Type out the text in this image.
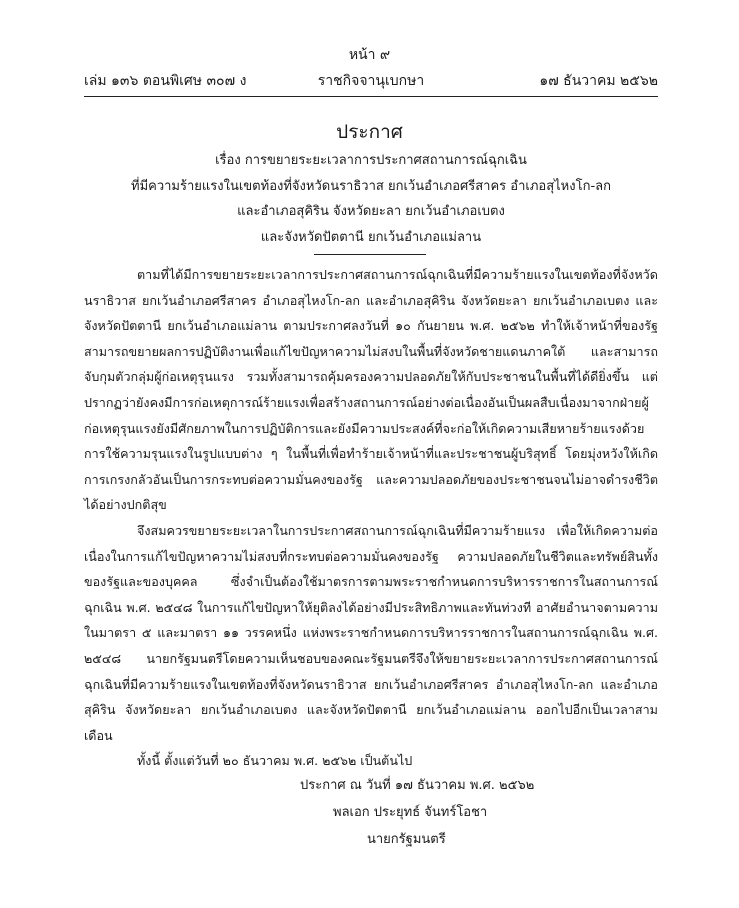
หน้า ๙
เล่ม ๑๓๖ ตอนพิเศษ ๓๐๗ ง	ราชกิจจานุเบกษา	๑๗ ธันวาคม ๒๕๖๒
ประกาศ
เรื่อง การขยายระยะเวลาการประกาศสถานการณ์ฉุกเฉิน
ที่มีความร้ายแรงในเขตท้องที่จังหวัดนราธิวาส ยกเว้นอำเภอศรีสาคร อำเภอสุไหงโก-ลก
และอำเภอสุคิริน จังหวัดยะลา ยกเว้นอำเภอเบตง
และจังหวัดปัตตานี ยกเว้นอำเภอแม่ลาน

ตามที่ได้มีการขยายระยะเวลาการประกาศสถานการณ์ฉุกเฉินที่มีความร้ายแรงในเขตท้องที่จังหวัดนราธิวาส ยกเว้นอำเภอศรีสาคร อำเภอสุไหงโก-ลก และอำเภอสุคิริน จังหวัดยะลา ยกเว้นอำเภอเบตง และจังหวัดปัตตานี ยกเว้นอำเภอแม่ลาน ตามประกาศลงวันที่ ๑๐ กันยายน พ.ศ. ๒๕๖๒ ทำให้เจ้าหน้าที่ของรัฐสามารถขยายผลการปฏิบัติงานเพื่อแก้ไขปัญหาความไม่สงบในพื้นที่จังหวัดชายแดนภาคใต้ และสามารถจับกุมตัวกลุ่มผู้ก่อเหตุรุนแรง รวมทั้งสามารถคุ้มครองความปลอดภัยให้กับประชาชนในพื้นที่ได้ดียิ่งขึ้น แต่ปรากฏว่ายังคงมีการก่อเหตุการณ์ร้ายแรงเพื่อสร้างสถานการณ์อย่างต่อเนื่องอันเป็นผลสืบเนื่องมาจากฝ่ายผู้ก่อเหตุรุนแรงยังมีศักยภาพในการปฏิบัติการและยังมีความประสงค์ที่จะก่อให้เกิดความเสียหายร้ายแรงด้วยการใช้ความรุนแรงในรูปแบบต่าง ๆ ในพื้นที่เพื่อทำร้ายเจ้าหน้าที่และประชาชนผู้บริสุทธิ์ โดยมุ่งหวังให้เกิดการเกรงกลัวอันเป็นการกระทบต่อความมั่นคงของรัฐ และความปลอดภัยของประชาชนจนไม่อาจดำรงชีวิตได้อย่างปกติสุข

จึงสมควรขยายระยะเวลาในการประกาศสถานการณ์ฉุกเฉินที่มีความร้ายแรง เพื่อให้เกิดความต่อเนื่องในการแก้ไขปัญหาความไม่สงบที่กระทบต่อความมั่นคงของรัฐ ความปลอดภัยในชีวิตและทรัพย์สินทั้งของรัฐและของบุคคล ซึ่งจำเป็นต้องใช้มาตรการตามพระราชกำหนดการบริหารราชการในสถานการณ์ฉุกเฉิน พ.ศ. ๒๕๔๘ ในการแก้ไขปัญหาให้ยุติลงได้อย่างมีประสิทธิภาพและทันท่วงที อาศัยอำนาจตามความในมาตรา ๕ และมาตรา ๑๑ วรรคหนึ่ง แห่งพระราชกำหนดการบริหารราชการในสถานการณ์ฉุกเฉิน พ.ศ. ๒๕๔๘ นายกรัฐมนตรีโดยความเห็นชอบของคณะรัฐมนตรีจึงให้ขยายระยะเวลาการประกาศสถานการณ์ฉุกเฉินที่มีความร้ายแรงในเขตท้องที่จังหวัดนราธิวาส ยกเว้นอำเภอศรีสาคร อำเภอสุไหงโก-ลก และอำเภอสุคิริน จังหวัดยะลา ยกเว้นอำเภอเบตง และจังหวัดปัตตานี ยกเว้นอำเภอแม่ลาน ออกไปอีกเป็นเวลาสามเดือน

ทั้งนี้ ตั้งแต่วันที่ ๒๐ ธันวาคม พ.ศ. ๒๕๖๒ เป็นต้นไป

ประกาศ ณ วันที่ ๑๗ ธันวาคม พ.ศ. ๒๕๖๒
พลเอก ประยุทธ์ จันทร์โอชา
นายกรัฐมนตรี
